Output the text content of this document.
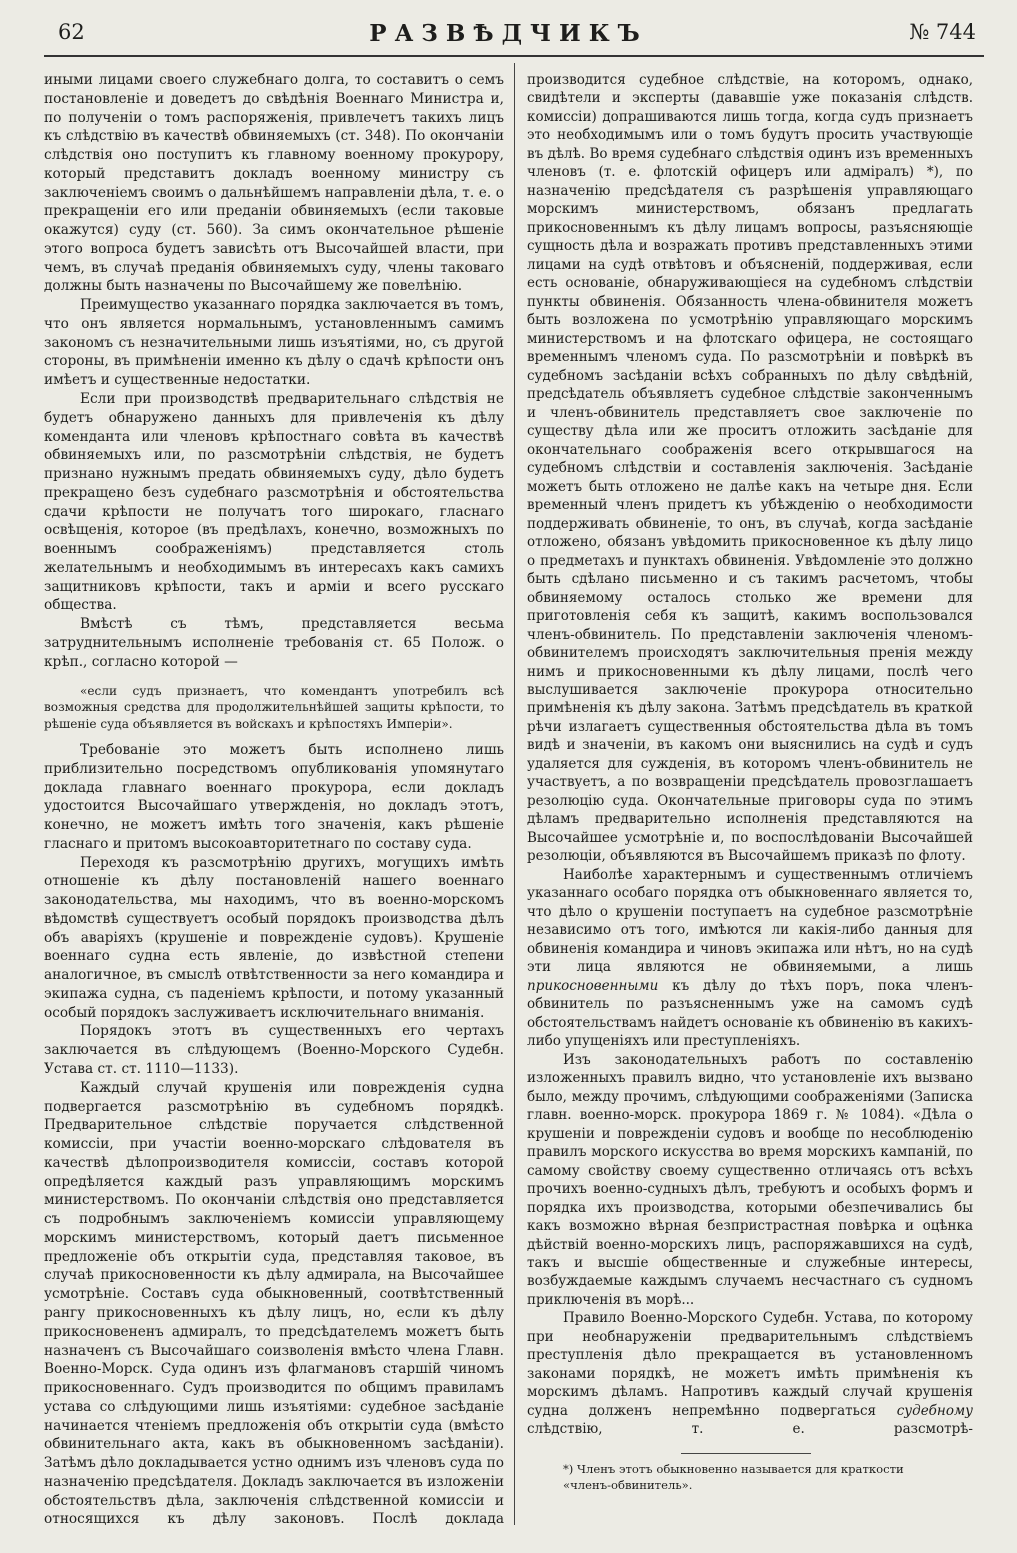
62	РАЗВѢДЧИКЪ	№ 744

иными лицами своего служебнаго долга, то составитъ о семъ постановленіе и доведетъ до свѣдѣнія Военнаго Министра и, по полученіи о томъ распоряженія, привлечетъ такихъ лицъ къ слѣдствію въ качествѣ обвиняемыхъ (ст. 348). По окончаніи слѣдствія оно поступитъ къ главному военному прокурору, который представитъ докладъ военному министру съ заключеніемъ своимъ о дальнѣйшемъ направленіи дѣла, т. е. о прекращеніи его или преданіи обвиняемыхъ (если таковые окажутся) суду (ст. 560). За симъ окончательное рѣшеніе этого вопроса будетъ зависѣть отъ Высочайшей власти, при чемъ, въ случаѣ преданія обвиняемыхъ суду, члены таковаго должны быть назначены по Высочайшему же повелѣнію.

Преимущество указаннаго порядка заключается въ томъ, что онъ является нормальнымъ, установленнымъ самимъ закономъ съ незначительными лишь изъятіями, но, съ другой стороны, въ примѣненіи именно къ дѣлу о сдачѣ крѣпости онъ имѣетъ и существенные недостатки.

Если при производствѣ предварительнаго слѣдствія не будетъ обнаружено данныхъ для привлеченія къ дѣлу коменданта или членовъ крѣпостнаго совѣта въ качествѣ обвиняемыхъ или, по разсмотрѣніи слѣдствія, не будетъ признано нужнымъ предать обвиняемыхъ суду, дѣло будетъ прекращено безъ судебнаго разсмотрѣнія и обстоятельства сдачи крѣпости не получатъ того широкаго, гласнаго освѣщенія, которое (въ предѣлахъ, конечно, возможныхъ по военнымъ соображеніямъ) представляется столь желательнымъ и необходимымъ въ интересахъ какъ самихъ защитниковъ крѣпости, такъ и арміи и всего русскаго общества.

Вмѣстѣ съ тѣмъ, представляется весьма затруднительнымъ исполненіе требованія ст. 65 Полож. о крѣп., согласно которой —

«если судъ признаетъ, что комендантъ употребилъ всѣ возможныя средства для продолжительнѣйшей защиты крѣпости, то рѣшеніе суда объявляется въ войскахъ и крѣпостяхъ Имперіи».

Требованіе это можетъ быть исполнено лишь приблизительно посредствомъ опубликованія упомянутаго доклада главнаго военнаго прокурора, если докладъ удостоится Высочайшаго утвержденія, но докладъ этотъ, конечно, не можетъ имѣть того значенія, какъ рѣшеніе гласнаго и притомъ высокоавторитетнаго по составу суда.

Переходя къ разсмотрѣнію другихъ, могущихъ имѣть отношеніе къ дѣлу постановленій нашего военнаго законодательства, мы находимъ, что въ военно-морскомъ вѣдомствѣ существуетъ особый порядокъ производства дѣлъ объ аваріяхъ (крушеніе и поврежденіе судовъ). Крушеніе военнаго судна есть явленіе, до извѣстной степени аналогичное, въ смыслѣ отвѣтственности за него командира и экипажа судна, съ паденіемъ крѣпости, и потому указанный особый порядокъ заслуживаетъ исключительнаго вниманія.

Порядокъ этотъ въ существенныхъ его чертахъ заключается въ слѣдующемъ (Военно-Морского Судебн. Устава ст. ст. 1110—1133).

Каждый случай крушенія или поврежденія судна подвергается разсмотрѣнію въ судебномъ порядкѣ. Предварительное слѣдствіе поручается слѣдственной комиссіи, при участіи военно-морскаго слѣдователя въ качествѣ дѣлопроизводителя комиссіи, составъ которой опредѣляется каждый разъ управляющимъ морскимъ министерствомъ. По окончаніи слѣдствія оно представляется съ подробнымъ заключеніемъ комиссіи управляющему морскимъ министерствомъ, который даетъ письменное предложеніе объ открытіи суда, представляя таковое, въ случаѣ прикосновенности къ дѣлу адмирала, на Высочайшее усмотрѣніе. Составъ суда обыкновенный, соотвѣтственный рангу прикосновенныхъ къ дѣлу лицъ, но, если къ дѣлу прикосновененъ адмиралъ, то предсѣдателемъ можетъ быть назначенъ съ Высочайшаго соизволенія вмѣсто члена Главн. Военно-Морск. Суда одинъ изъ флагмановъ старшій чиномъ прикосновеннаго. Судъ производится по общимъ правиламъ устава со слѣдующими лишь изъятіями: судебное засѣданіе начинается чтеніемъ предложенія объ открытіи суда (вмѣсто обвинительнаго акта, какъ въ обыкновенномъ засѣданіи). Затѣмъ дѣло докладывается устно однимъ изъ членовъ суда по назначенію предсѣдателя. Докладъ заключается въ изложеніи обстоятельствъ дѣла, заключенія слѣдственной комиссіи и относящихся къ дѣлу законовъ. Послѣ доклада

производится судебное слѣдствіе, на которомъ, однако, свидѣтели и эксперты (дававшіе уже показанія слѣдств. комиссіи) допрашиваются лишь тогда, когда судъ признаетъ это необходимымъ или о томъ будутъ просить участвующіе въ дѣлѣ. Во время судебнаго слѣдствія одинъ изъ временныхъ членовъ (т. е. флотскій офицеръ или адміралъ) *), по назначенію предсѣдателя съ разрѣшенія управляющаго морскимъ министерствомъ, обязанъ предлагать прикосновеннымъ къ дѣлу лицамъ вопросы, разъясняющіе сущность дѣла и возражать противъ представленныхъ этими лицами на судѣ отвѣтовъ и объясненій, поддерживая, если есть основаніе, обнаруживающіеся на судебномъ слѣдствіи пункты обвиненія. Обязанность члена-обвинителя можетъ быть возложена по усмотрѣнію управляющаго морскимъ министерствомъ и на флотскаго офицера, не состоящаго временнымъ членомъ суда. По разсмотрѣніи и повѣркѣ въ судебномъ засѣданіи всѣхъ собранныхъ по дѣлу свѣдѣній, предсѣдатель объявляетъ судебное слѣдствіе законченнымъ и членъ-обвинитель представляетъ свое заключеніе по существу дѣла или же проситъ отложить засѣданіе для окончательнаго соображенія всего открывшагося на судебномъ слѣдствіи и составленія заключенія. Засѣданіе можетъ быть отложено не далѣе какъ на четыре дня. Если временный членъ придетъ къ убѣжденію о необходимости поддерживать обвиненіе, то онъ, въ случаѣ, когда засѣданіе отложено, обязанъ увѣдомить прикосновенное къ дѣлу лицо о предметахъ и пунктахъ обвиненія. Увѣдомленіе это должно быть сдѣлано письменно и съ такимъ расчетомъ, чтобы обвиняемому осталось столько же времени для приготовленія себя къ защитѣ, какимъ воспользовался членъ-обвинитель. По представленіи заключенія членомъ-обвинителемъ происходятъ заключительныя пренія между нимъ и прикосновенными къ дѣлу лицами, послѣ чего выслушивается заключеніе прокурора относительно примѣненія къ дѣлу закона. Затѣмъ предсѣдатель въ краткой рѣчи излагаетъ существенныя обстоятельства дѣла въ томъ видѣ и значеніи, въ какомъ они выяснились на судѣ и судъ удаляется для сужденія, въ которомъ членъ-обвинитель не участвуетъ, а по возвращеніи предсѣдатель провозглашаетъ резолюцію суда. Окончательные приговоры суда по этимъ дѣламъ предварительно исполненія представляются на Высочайшее усмотрѣніе и, по воспослѣдованіи Высочайшей резолюціи, объявляются въ Высочайшемъ приказѣ по флоту.

Наиболѣе характернымъ и существеннымъ отличіемъ указаннаго особаго порядка отъ обыкновеннаго является то, что дѣло о крушеніи поступаетъ на судебное разсмотрѣніе независимо отъ того, имѣются ли какія-либо данныя для обвиненія командира и чиновъ экипажа или нѣтъ, но на судѣ эти лица являются не обвиняемыми, а лишь прикосновенными къ дѣлу до тѣхъ поръ, пока членъ-обвинитель по разъясненнымъ уже на самомъ судѣ обстоятельствамъ найдетъ основаніе къ обвиненію въ какихъ-либо упущеніяхъ или преступленіяхъ.

Изъ законодательныхъ работъ по составленію изложенныхъ правилъ видно, что установленіе ихъ вызвано было, между прочимъ, слѣдующими соображеніями (Записка главн. военно-морск. прокурора 1869 г. № 1084). «Дѣла о крушеніи и поврежденіи судовъ и вообще по несоблюденію правилъ морского искусства во время морскихъ кампаній, по самому свойству своему существенно отличаясь отъ всѣхъ прочихъ военно-судныхъ дѣлъ, требуютъ и особыхъ формъ и порядка ихъ производства, которыми обезпечивались бы какъ возможно вѣрная безпристрастная повѣрка и оцѣнка дѣйствій военно-морскихъ лицъ, распоряжавшихся на судѣ, такъ и высшіе общественные и служебные интересы, возбуждаемые каждымъ случаемъ несчастнаго съ судномъ приключенія въ морѣ...

Правило Военно-Морского Судебн. Устава, по которому при необнаруженіи предварительнымъ слѣдствіемъ преступленія дѣло прекращается въ установленномъ законами порядкѣ, не можетъ имѣть примѣненія къ морскимъ дѣламъ. Напротивъ каждый случай крушенія судна долженъ непремѣнно подвергаться судебному слѣдствію, т. е. разсмотрѣ-

*) Членъ этотъ обыкновенно называется для краткости
«членъ-обвинитель».
